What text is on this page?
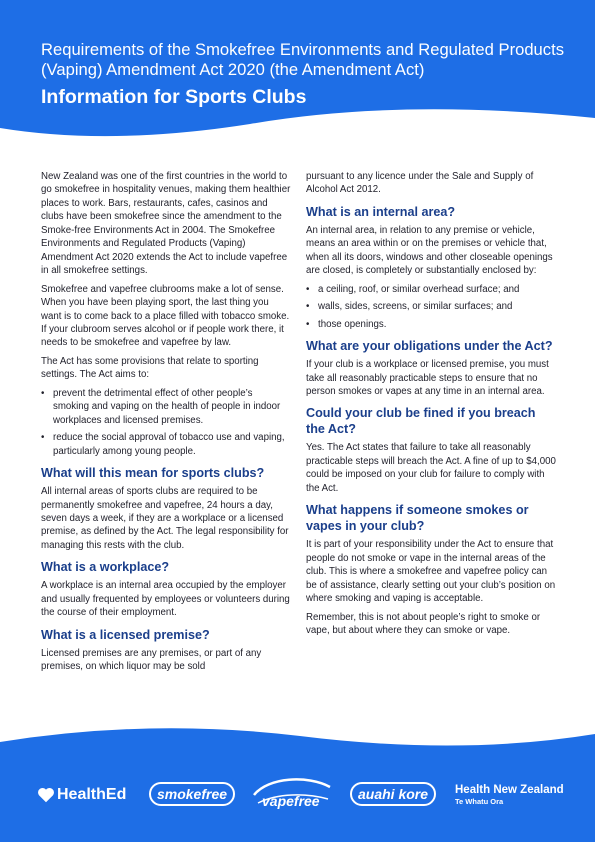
Requirements of the Smokefree Environments and Regulated Products (Vaping) Amendment Act 2020 (the Amendment Act)
Information for Sports Clubs

New Zealand was one of the first countries in the world to go smokefree in hospitality venues, making them healthier places to work. Bars, restaurants, cafes, casinos and clubs have been smokefree since the amendment to the Smoke-free Environments Act in 2004. The Smokefree Environments and Regulated Products (Vaping) Amendment Act 2020 extends the Act to include vapefree in all smokefree settings.

Smokefree and vapefree clubrooms make a lot of sense. When you have been playing sport, the last thing you want is to come back to a place filled with tobacco smoke. If your clubroom serves alcohol or if people work there, it needs to be smokefree and vapefree by law.

The Act has some provisions that relate to sporting settings. The Act aims to:

• prevent the detrimental effect of other people’s smoking and vaping on the health of people in indoor workplaces and licensed premises.
• reduce the social approval of tobacco use and vaping, particularly among young people.
What will this mean for sports clubs?

All internal areas of sports clubs are required to be permanently smokefree and vapefree, 24 hours a day, seven days a week, if they are a workplace or a licensed premise, as defined by the Act. The legal responsibility for managing this rests with the club.

What is a workplace?

A workplace is an internal area occupied by the employer and usually frequented by employees or volunteers during the course of their employment.

What is a licensed premise?

Licensed premises are any premises, or part of any premises, on which liquor may be sold

pursuant to any licence under the Sale and Supply of Alcohol Act 2012.

What is an internal area?

An internal area, in relation to any premise or vehicle, means an area within or on the premises or vehicle that, when all its doors, windows and other closeable openings are closed, is completely or substantially enclosed by:

• a ceiling, roof, or similar overhead surface; and
• walls, sides, screens, or similar surfaces; and
• those openings.
What are your obligations under the Act?

If your club is a workplace or licensed premise, you must take all reasonably practicable steps to ensure that no person smokes or vapes at any time in an internal area.

Could your club be fined if you breach the Act?

Yes. The Act states that failure to take all reasonably practicable steps will breach the Act. A fine of up to $4,000 could be imposed on your club for failure to comply with the Act.

What happens if someone smokes or vapes in your club?

It is part of your responsibility under the Act to ensure that people do not smoke or vape in the internal areas of the club. This is where a smokefree and vapefree policy can be of assistance, clearly setting out your club’s position on where smoking and vaping is acceptable.

Remember, this is not about people’s right to smoke or vape, but about where they can smoke or vape.

HealthEd	smokefree	vapefree	auahi kore	Health New Zealand
Te Whatu Ora
